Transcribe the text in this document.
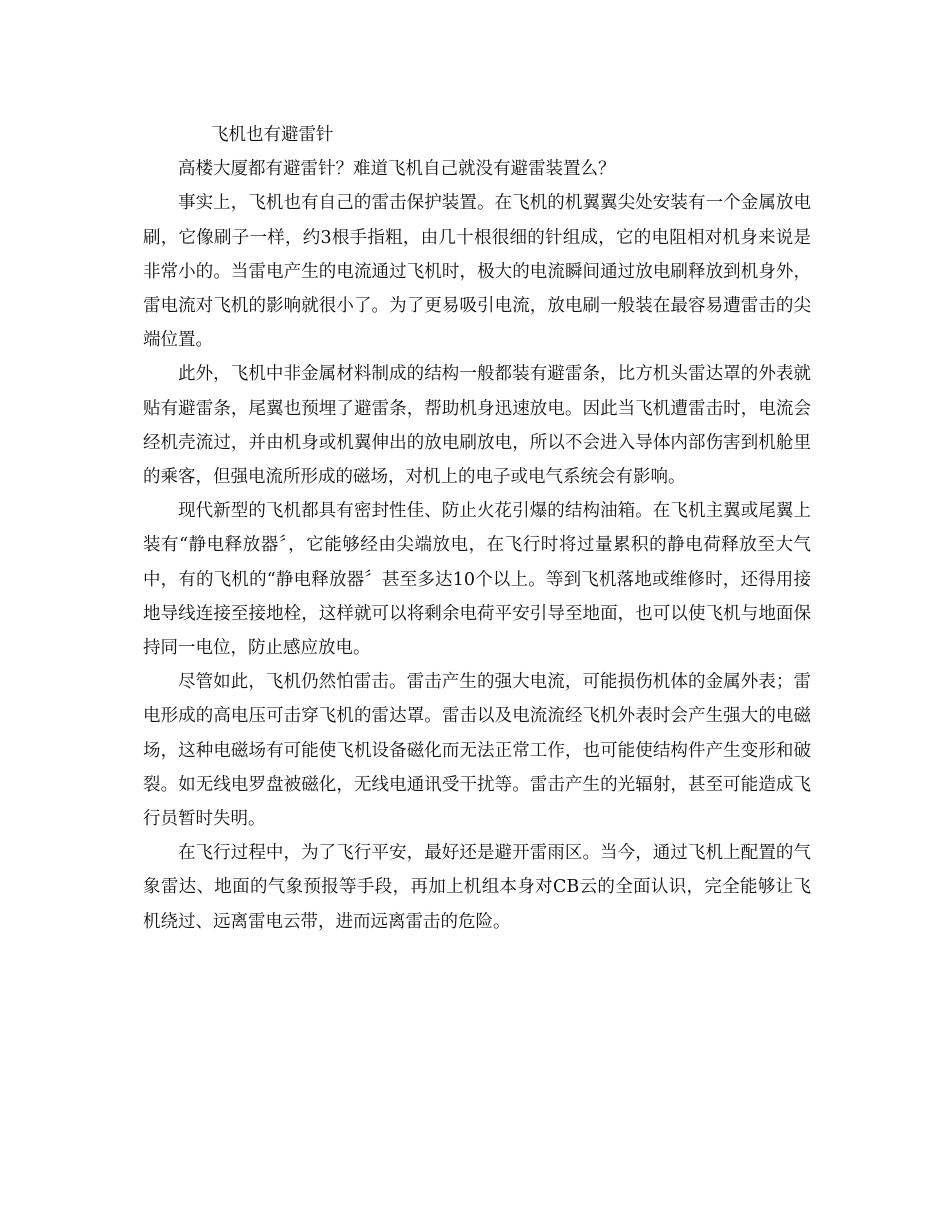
飞机也有避雷针

高楼大厦都有避雷针？难道飞机自己就没有避雷装置么？

事实上，飞机也有自己的雷击保护装置。在飞机的机翼翼尖处安装有一个金属放电刷，它像刷子一样，约3根手指粗，由几十根很细的针组成，它的电阻相对机身来说是非常小的。当雷电产生的电流通过飞机时，极大的电流瞬间通过放电刷释放到机身外，雷电流对飞机的影响就很小了。为了更易吸引电流，放电刷一般装在最容易遭雷击的尖端位置。

此外，飞机中非金属材料制成的结构一般都装有避雷条，比方机头雷达罩的外表就贴有避雷条，尾翼也预埋了避雷条，帮助机身迅速放电。因此当飞机遭雷击时，电流会经机壳流过，并由机身或机翼伸出的放电刷放电，所以不会进入导体内部伤害到机舱里的乘客，但强电流所形成的磁场，对机上的电子或电气系统会有影响。

现代新型的飞机都具有密封性佳、防止火花引爆的结构油箱。在飞机主翼或尾翼上装有“静电释放器〞，它能够经由尖端放电，在飞行时将过量累积的静电荷释放至大气中，有的飞机的“静电释放器〞甚至多达10个以上。等到飞机落地或维修时，还得用接地导线连接至接地栓，这样就可以将剩余电荷平安引导至地面，也可以使飞机与地面保持同一电位，防止感应放电。

尽管如此，飞机仍然怕雷击。雷击产生的强大电流，可能损伤机体的金属外表；雷电形成的高电压可击穿飞机的雷达罩。雷击以及电流流经飞机外表时会产生强大的电磁场，这种电磁场有可能使飞机设备磁化而无法正常工作，也可能使结构件产生变形和破裂。如无线电罗盘被磁化，无线电通讯受干扰等。雷击产生的光辐射，甚至可能造成飞行员暂时失明。

在飞行过程中，为了飞行平安，最好还是避开雷雨区。当今，通过飞机上配置的气象雷达、地面的气象预报等手段，再加上机组本身对CB云的全面认识，完全能够让飞机绕过、远离雷电云带，进而远离雷击的危险。
